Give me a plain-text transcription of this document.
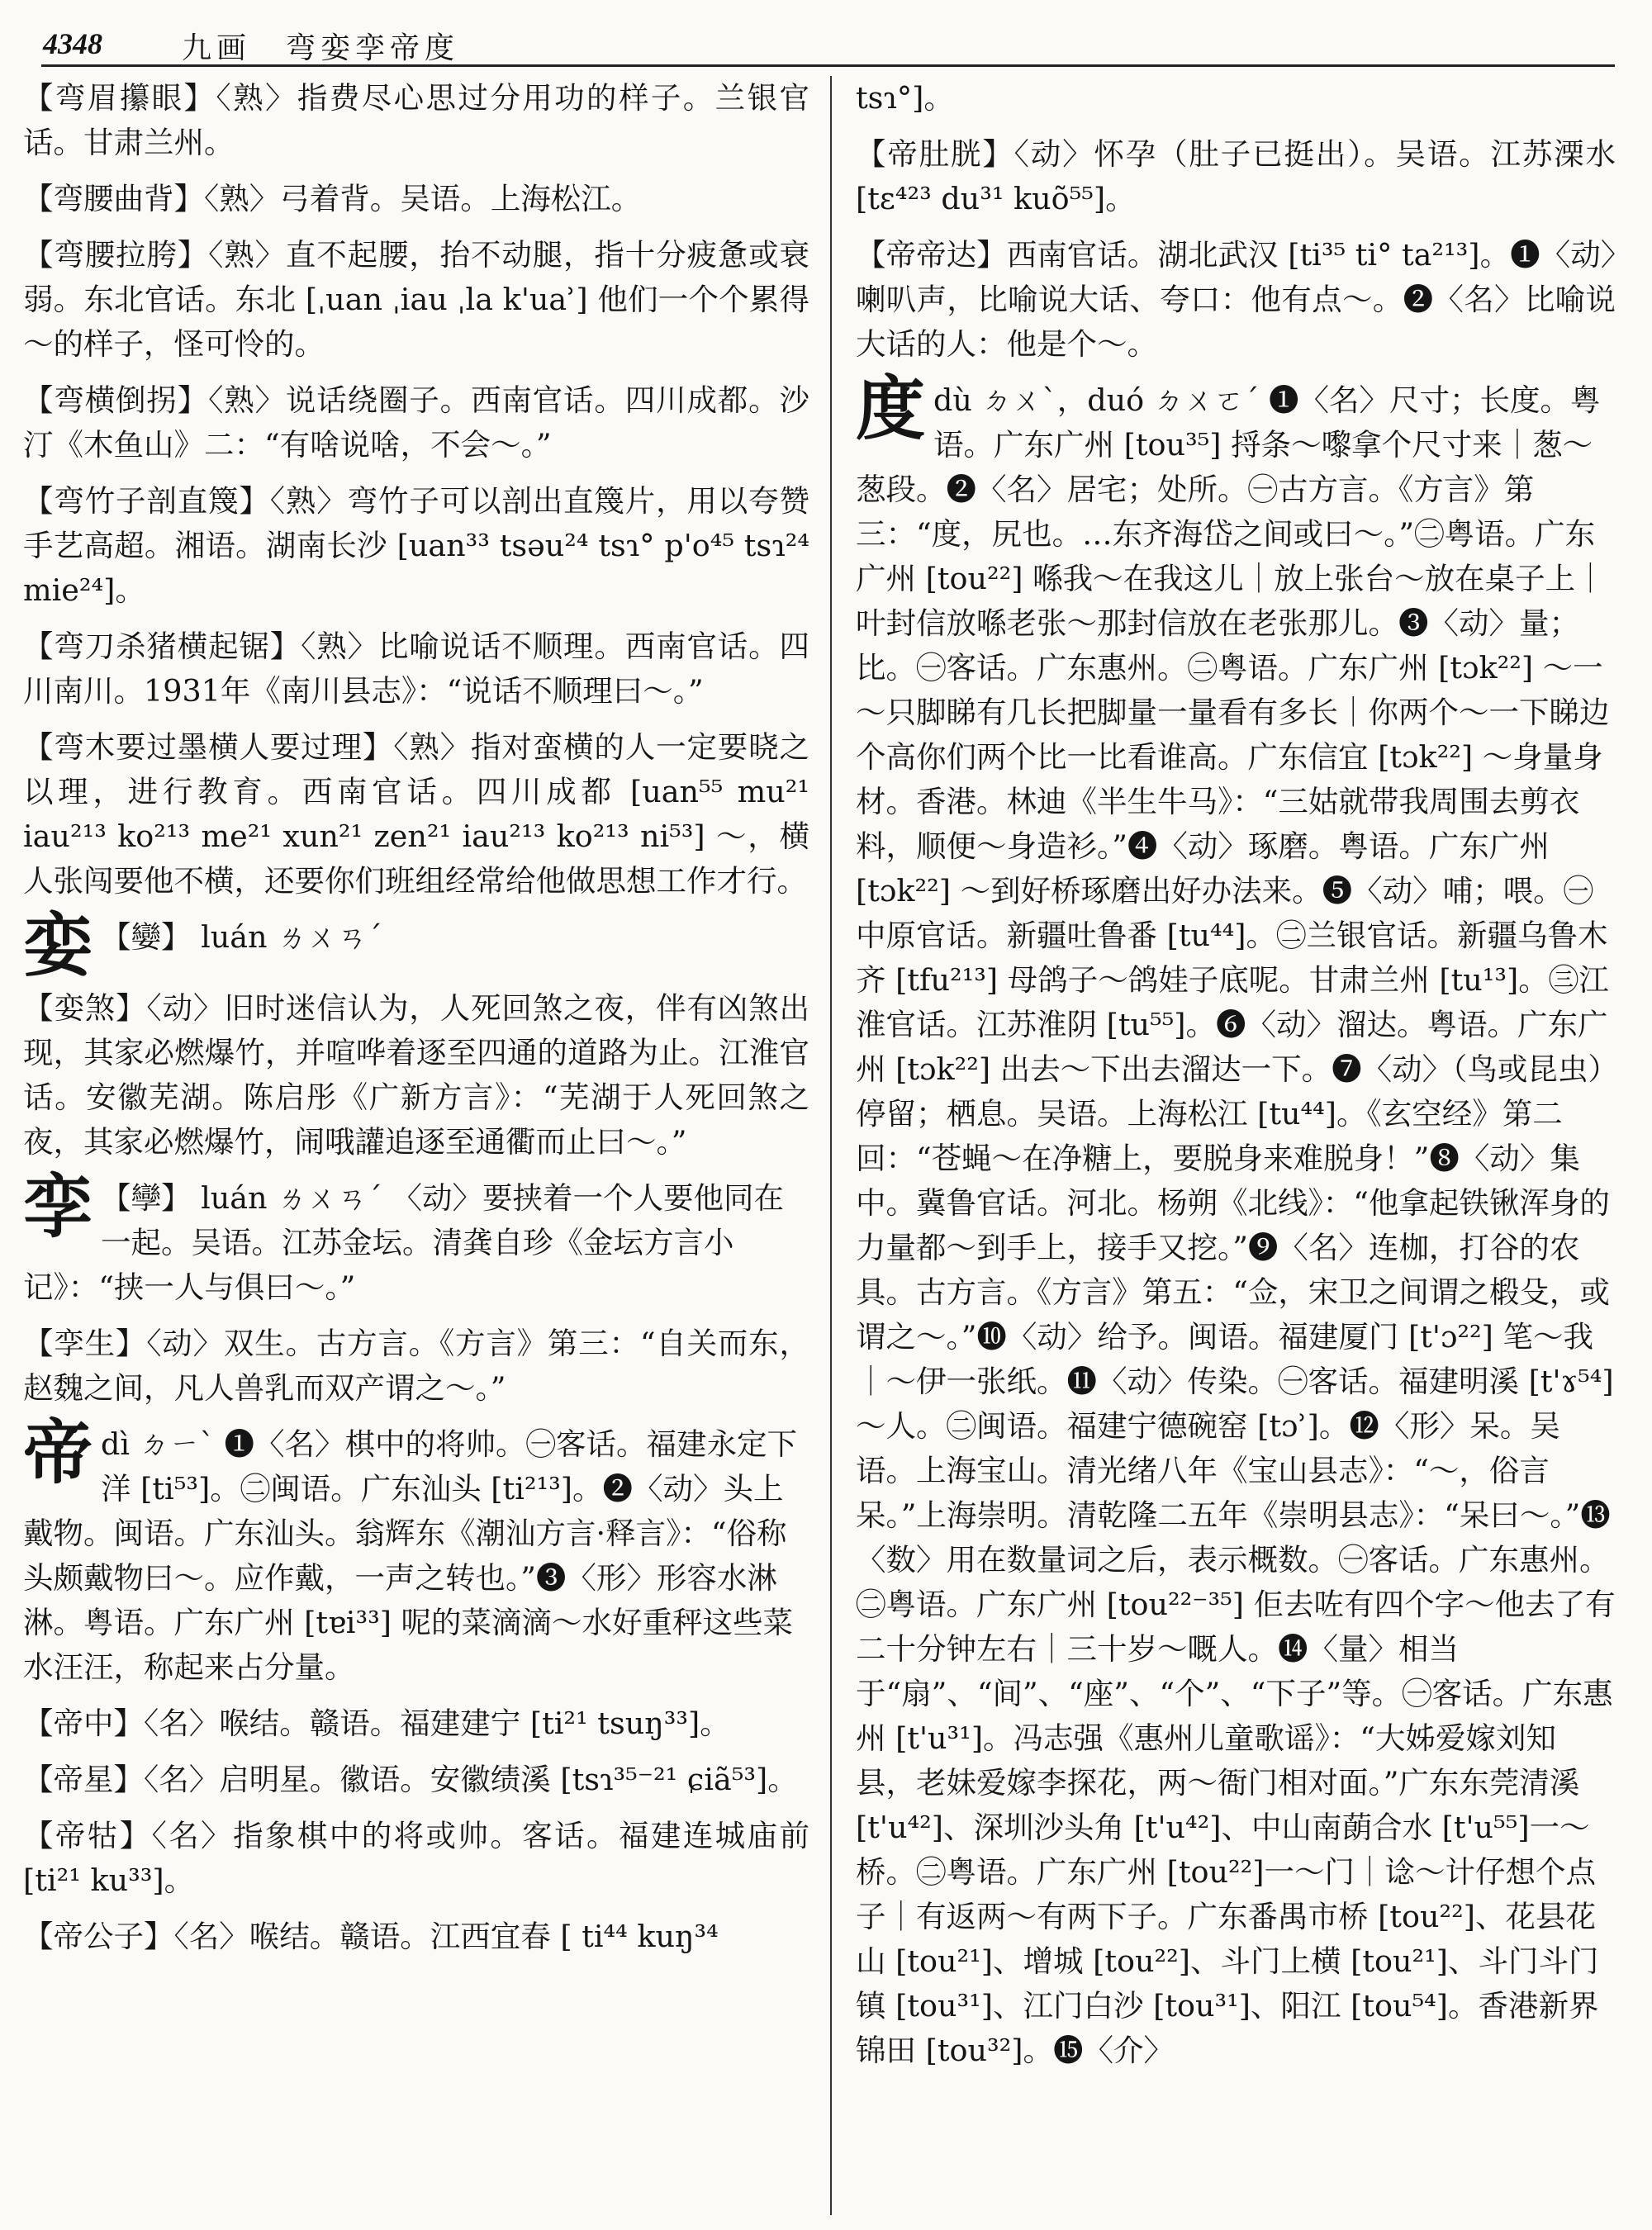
4348	九画　弯娈孪帝度

【弯眉攥眼】〈熟〉指费尽心思过分用功的样子。兰银官话。甘肃兰州。

【弯腰曲背】〈熟〉弓着背。吴语。上海松江。

【弯腰拉胯】〈熟〉直不起腰，抬不动腿，指十分疲惫或衰弱。东北官话。东北 [ˌuan ˌiau ˌla k'uaʾ] 他们一个个累得～的样子，怪可怜的。

【弯横倒拐】〈熟〉说话绕圈子。西南官话。四川成都。沙汀《木鱼山》二：“有啥说啥，不会～。”

【弯竹子剖直篾】〈熟〉弯竹子可以剖出直篾片，用以夸赞手艺高超。湘语。湖南长沙 [uan³³ tsəu²⁴ tsɿ° p'o⁴⁵ tsɿ²⁴ mie²⁴]。

【弯刀杀猪横起锯】〈熟〉比喻说话不顺理。西南官话。四川南川。1931年《南川县志》：“说话不顺理曰～。”

【弯木要过墨横人要过理】〈熟〉指对蛮横的人一定要晓之以理，进行教育。西南官话。四川成都 [uan⁵⁵ mu²¹ iau²¹³ ko²¹³ me²¹ xun²¹ zen²¹ iau²¹³ ko²¹³ ni⁵³] ～，横人张闯要他不横，还要你们班组经常给他做思想工作才行。

娈 【孌】 luán ㄌㄨㄢˊ

【娈煞】〈动〉旧时迷信认为，人死回煞之夜，伴有凶煞出现，其家必燃爆竹，并喧哗着逐至四通的道路为止。江淮官话。安徽芜湖。陈启彤《广新方言》：“芜湖于人死回煞之夜，其家必燃爆竹，闹哦讙追逐至通衢而止曰～。”

孪 【孿】 luán ㄌㄨㄢˊ 〈动〉要挟着一个人要他同在一起。吴语。江苏金坛。清龚自珍《金坛方言小记》：“挟一人与俱曰～。”

【孪生】〈动〉双生。古方言。《方言》第三：“自关而东，赵魏之间，凡人兽乳而双产谓之～。”

帝 dì ㄉㄧˋ ❶〈名〉棋中的将帅。㊀客话。福建永定下洋 [ti⁵³]。㊁闽语。广东汕头 [ti²¹³]。❷〈动〉头上戴物。闽语。广东汕头。翁辉东《潮汕方言·释言》：“俗称头颇戴物曰～。应作戴，一声之转也。”❸〈形〉形容水淋淋。粤语。广东广州 [tɐi³³] 呢的菜滴滴～水好重秤这些菜水汪汪，称起来占分量。

【帝中】〈名〉喉结。赣语。福建建宁 [ti²¹ tsuŋ³³]。

【帝星】〈名〉启明星。徽语。安徽绩溪 [tsɿ³⁵⁻²¹ ɕiã⁵³]。

【帝牯】〈名〉指象棋中的将或帅。客话。福建连城庙前 [ti²¹ ku³³]。

【帝公子】〈名〉喉结。赣语。江西宜春 [ ti⁴⁴ kuŋ³⁴

tsɿ°]。

【帝肚胱】〈动〉怀孕（肚子已挺出）。吴语。江苏溧水 [tɛ⁴²³ du³¹ kuõ⁵⁵]。

【帝帝达】西南官话。湖北武汉 [ti³⁵ ti° ta²¹³]。❶〈动〉喇叭声，比喻说大话、夸口：他有点～。❷〈名〉比喻说大话的人：他是个～。

度 dù ㄉㄨˋ，duó ㄉㄨㄛˊ ❶〈名〉尺寸；长度。粤语。广东广州 [tou³⁵] 捋条～嚟拿个尺寸来｜葱～葱段。❷〈名〉居宅；处所。㊀古方言。《方言》第三：“度，尻也。…东齐海岱之间或曰～。”㊁粤语。广东广州 [tou²²] 喺我～在我这儿｜放上张台～放在桌子上｜叶封信放喺老张～那封信放在老张那儿。❸〈动〉量；比。㊀客话。广东惠州。㊁粤语。广东广州 [tɔk²²] ～一～只脚睇有几长把脚量一量看有多长｜你两个～一下睇边个高你们两个比一比看谁高。广东信宜 [tɔk²²] ～身量身材。香港。林迪《半生牛马》：“三姑就带我周围去剪衣料，顺便～身造衫。”❹〈动〉琢磨。粤语。广东广州 [tɔk²²] ～到好桥琢磨出好办法来。❺〈动〉哺；喂。㊀中原官话。新疆吐鲁番 [tu⁴⁴]。㊁兰银官话。新疆乌鲁木齐 [tfu²¹³] 母鸽子～鸽娃子底呢。甘肃兰州 [tu¹³]。㊂江淮官话。江苏淮阴 [tu⁵⁵]。❻〈动〉溜达。粤语。广东广州 [tɔk²²] 出去～下出去溜达一下。❼〈动〉（鸟或昆虫）停留；栖息。吴语。上海松江 [tu⁴⁴]。《玄空经》第二回：“苍蝇～在净糖上，要脱身来难脱身！”❽〈动〉集中。冀鲁官话。河北。杨朔《北线》：“他拿起铁锹浑身的力量都～到手上，接手又挖。”❾〈名〉连枷，打谷的农具。古方言。《方言》第五：“佥，宋卫之间谓之椴殳，或谓之～。”❿〈动〉给予。闽语。福建厦门 [t'ɔ²²] 笔～我｜～伊一张纸。⓫〈动〉传染。㊀客话。福建明溪 [t'ɤ⁵⁴]～人。㊁闽语。福建宁德碗窑 [tɔʾ]。⓬〈形〉呆。吴语。上海宝山。清光绪八年《宝山县志》：“～，俗言呆。”上海崇明。清乾隆二五年《崇明县志》：“呆曰～。”⓭〈数〉用在数量词之后，表示概数。㊀客话。广东惠州。㊁粤语。广东广州 [tou²²⁻³⁵] 佢去咗有四个字～他去了有二十分钟左右｜三十岁～嘅人。⓮〈量〉相当于“扇”、“间”、“座”、“个”、“下子”等。㊀客话。广东惠州 [t'u³¹]。冯志强《惠州儿童歌谣》：“大姊爱嫁刘知县，老妹爱嫁李探花，两～衙门相对面。”广东东莞清溪 [t'u⁴²]、深圳沙头角 [t'u⁴²]、中山南蓢合水 [t'u⁵⁵]一～桥。㊁粤语。广东广州 [tou²²]一～门｜谂～计仔想个点子｜有返两～有两下子。广东番禺市桥 [tou²²]、花县花山 [tou²¹]、增城 [tou²²]、斗门上横 [tou²¹]、斗门斗门镇 [tou³¹]、江门白沙 [tou³¹]、阳江 [tou⁵⁴]。香港新界锦田 [tou³²]。⓯〈介〉
